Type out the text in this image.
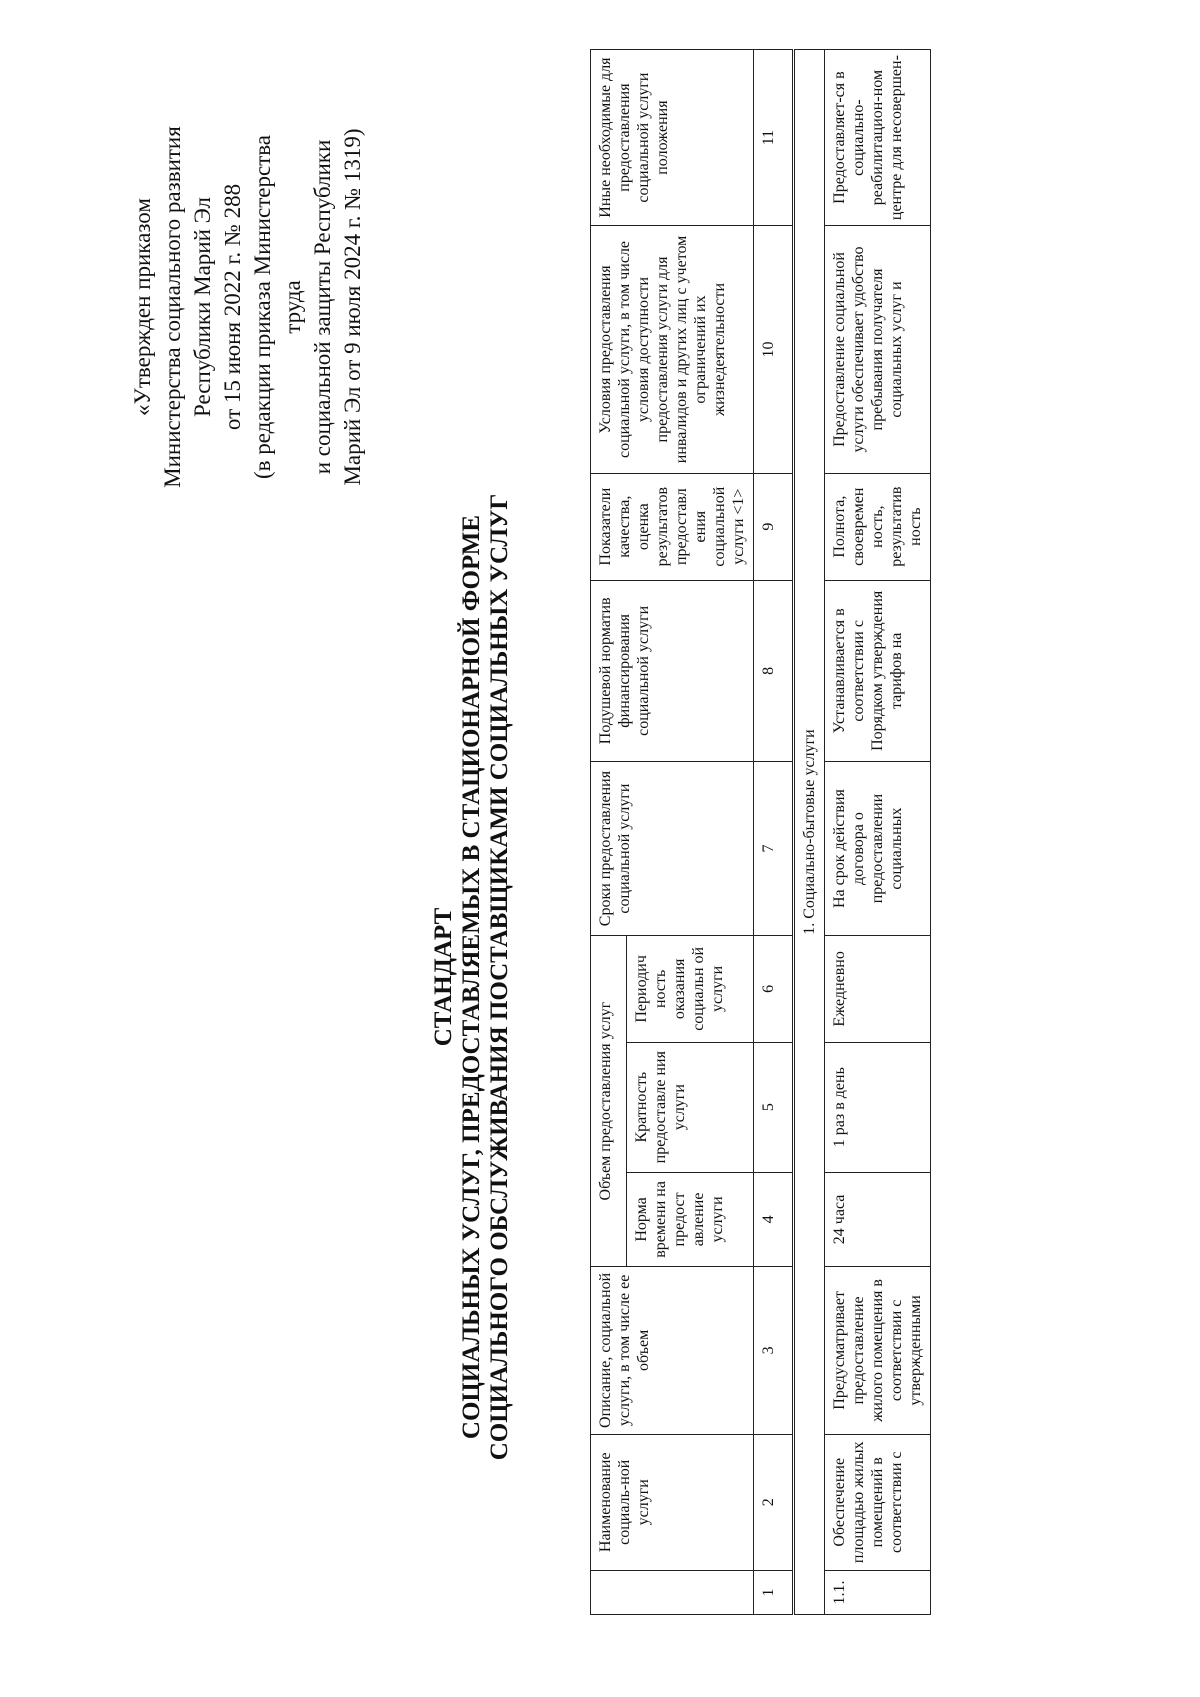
«Утвержден приказом Министерства социального развития Республики Марий Эл от 15 июня 2022 г. № 288 (в редакции приказа Министерства труда и социальной защиты Республики Марий Эл от 9 июля 2024 г. № 1319)
СТАНДАРТ СОЦИАЛЬНЫХ УСЛУГ, ПРЕДОСТАВЛЯЕМЫХ В СТАЦИОНАРНОЙ ФОРМЕ СОЦИАЛЬНОГО ОБСЛУЖИВАНИЯ ПОСТАВЩИКАМИ СОЦИАЛЬНЫХ УСЛУГ
	Наименование социаль-ной услуги	Описание, социальной услуги, в том числе ее объем	Объем предоставления услуг			Сроки предоставления социальной услуги	Подушевой норматив финансирования социальной услуги	Показатели качества, оценка результатов предоставл ения социальной услуги <1>	Условия предоставления социальной услуги, в том числе условия доступности предоставления услуги для инвалидов и других лиц с учетом ограничений их жизнедеятельности	Иные необходимые для предоставления социальной услуги положения
			Норма времени на предост авление услуги	Кратность предоставле ния услуги	Периодич ность оказания социальн ой услуги					
1	2	3	4	5	6	7	8	9	10	11
1. Социально-бытовые услуги										
1.1.	Обеспечение площадью жилых помещений в соответствии с	Предусматривает предоставление жилого помещения в соответствии с утвержденными	24 часа	1 раз в день	Ежедневно	На срок действия договора о предоставлении социальных	Устанавливается в соответствии с Порядком утверждения тарифов на	Полнота, своевремен ность, результатив ность	Предоставление социальной услуги обеспечивает удобство пребывания получателя социальных услуг и	Предоставляет-ся в социально-реабилитацион-ном центре для несовершен-
